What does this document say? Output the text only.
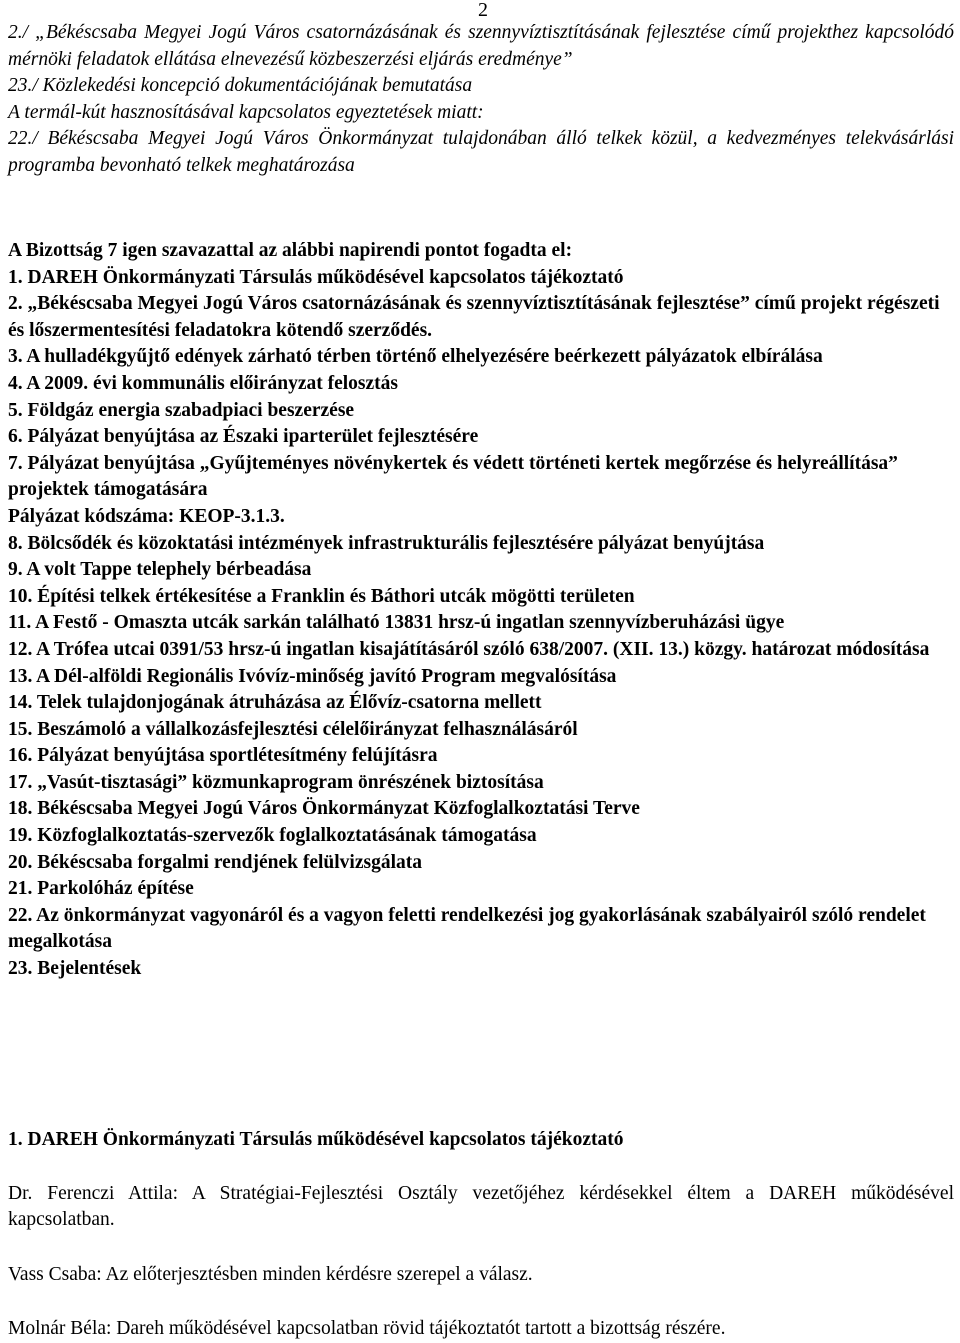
2

2./ „Békéscsaba Megyei Jogú Város csatornázásának és szennyvíztisztításának fejlesztése című projekthez kapcsolódó mérnöki feladatok ellátása elnevezésű közbeszerzési eljárás eredménye”

23./ Közlekedési koncepció dokumentációjának bemutatása

A termál-kút hasznosításával kapcsolatos egyeztetések miatt:

22./ Békéscsaba Megyei Jogú Város Önkormányzat tulajdonában álló telkek közül, a kedvezményes telekvásárlási programba bevonható telkek meghatározása

A Bizottság 7 igen szavazattal az alábbi napirendi pontot fogadta el:

1. DAREH Önkormányzati Társulás működésével kapcsolatos tájékoztató

2. „Békéscsaba Megyei Jogú Város csatornázásának és szennyvíztisztításának fejlesztése” című projekt régészeti és lőszermentesítési feladatokra kötendő szerződés.

3. A hulladékgyűjtő edények zárható térben történő elhelyezésére beérkezett pályázatok elbírálása

4. A 2009. évi kommunális előirányzat felosztás

5. Földgáz energia szabadpiaci beszerzése

6. Pályázat benyújtása az Északi iparterület fejlesztésére

7. Pályázat benyújtása „Gyűjteményes növénykertek és védett történeti kertek megőrzése és helyreállítása” projektek támogatására

Pályázat kódszáma: KEOP-3.1.3.

8. Bölcsődék és közoktatási intézmények infrastrukturális fejlesztésére pályázat benyújtása

9. A volt Tappe telephely bérbeadása

10. Építési telkek értékesítése a Franklin és Báthori utcák mögötti területen

11. A Festő - Omaszta utcák sarkán található 13831 hrsz-ú ingatlan szennyvízberuházási ügye

12. A Trófea utcai 0391/53 hrsz-ú ingatlan kisajátításáról szóló 638/2007. (XII. 13.) közgy. határozat módosítása

13. A Dél-alföldi Regionális Ivóvíz-minőség javító Program megvalósítása

14. Telek tulajdonjogának átruházása az Élővíz-csatorna mellett

15. Beszámoló a vállalkozásfejlesztési célelőirányzat felhasználásáról

16. Pályázat benyújtása sportlétesítmény felújításra

17. „Vasút-tisztasági” közmunkaprogram önrészének biztosítása

18. Békéscsaba Megyei Jogú Város Önkormányzat Közfoglalkoztatási Terve

19. Közfoglalkoztatás-szervezők foglalkoztatásának támogatása

20. Békéscsaba forgalmi rendjének felülvizsgálata

21. Parkolóház építése

22. Az önkormányzat vagyonáról és a vagyon feletti rendelkezési jog gyakorlásának szabályairól szóló rendelet megalkotása

23. Bejelentések

1. DAREH Önkormányzati Társulás működésével kapcsolatos tájékoztató

Dr. Ferenczi Attila: A Stratégiai-Fejlesztési Osztály vezetőjéhez kérdésekkel éltem a DAREH működésével kapcsolatban.

Vass Csaba: Az előterjesztésben minden kérdésre szerepel a válasz.

Molnár Béla: Dareh működésével kapcsolatban rövid tájékoztatót tartott a bizottság részére.
